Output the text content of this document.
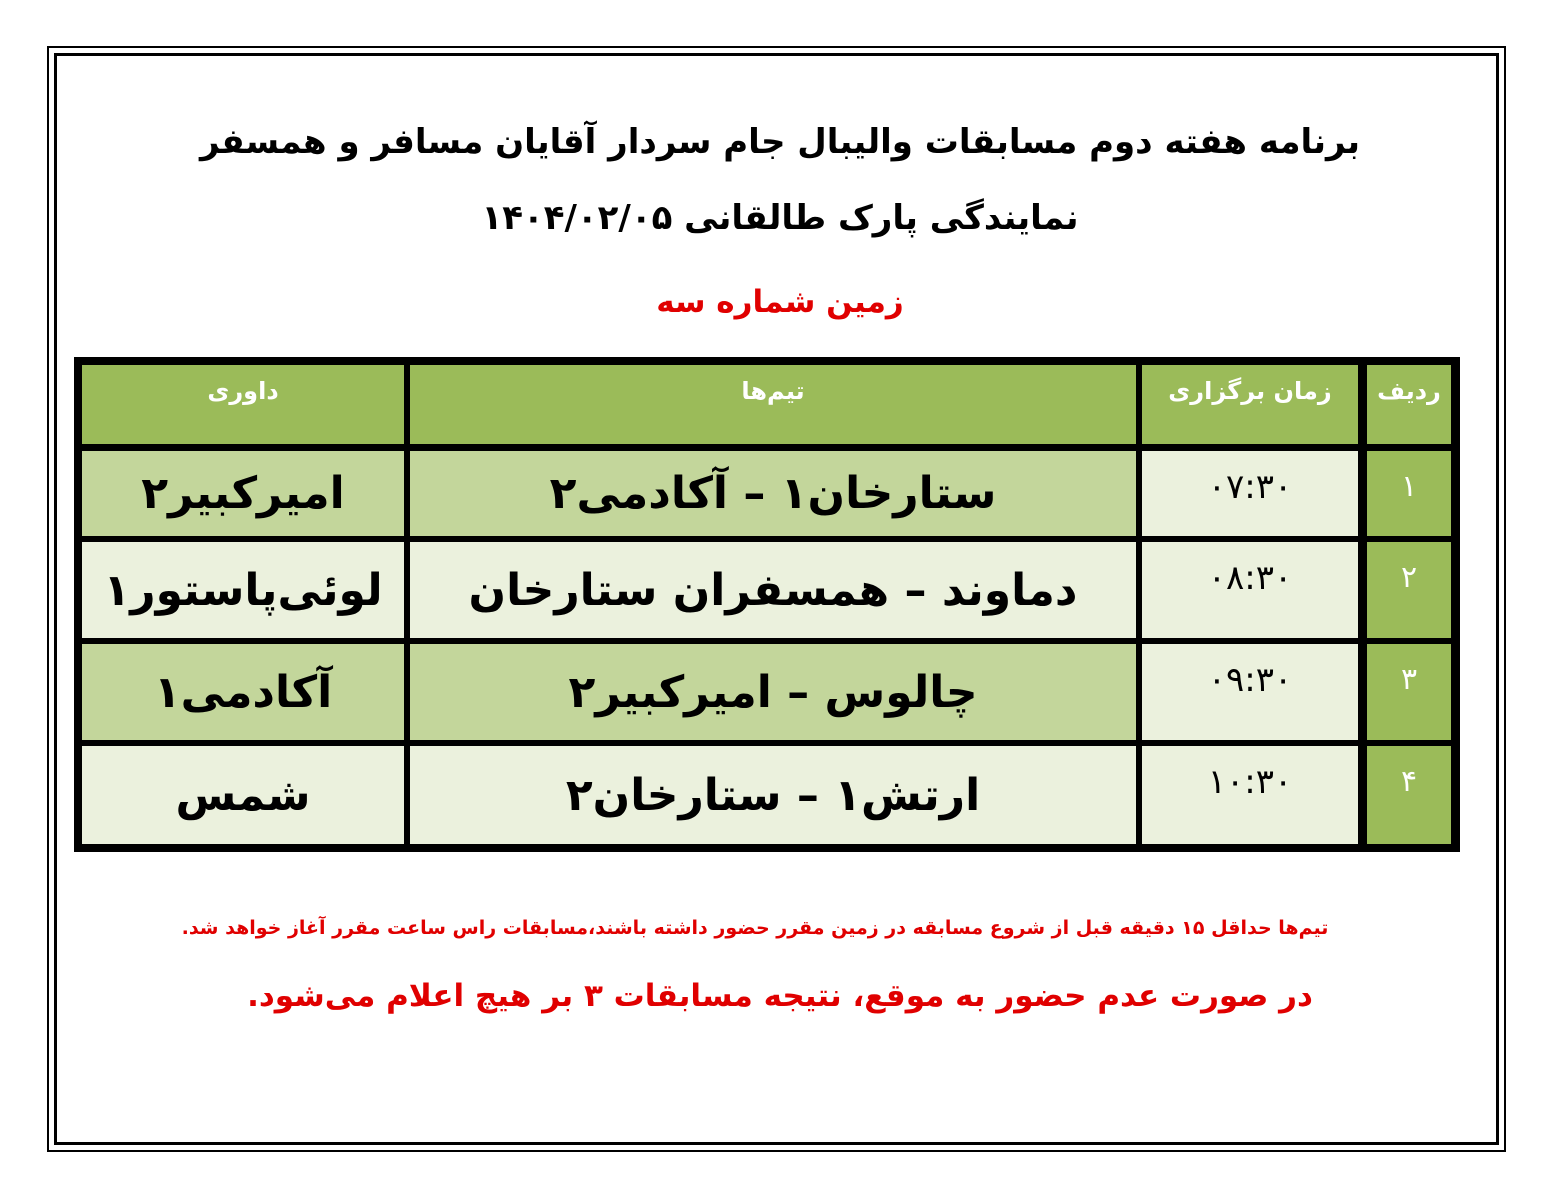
برنامه هفته دوم مسابقات والیبال جام سردار آقایان مسافر و همسفر
نمایندگی پارک طالقانی ۱۴۰۴/۰۲/۰۵
زمین شماره سه
ردیف
زمان برگزاری
تیم‌ها
داوری
۱
۰۷:۳۰
ستارخان۱ – آکادمی۲
امیرکبیر۲
۲
۰۸:۳۰
دماوند – همسفران ستارخان
لوئی‌پاستور۱
۳
۰۹:۳۰
چالوس – امیرکبیر۲
آکادمی۱
۴
۱۰:۳۰
ارتش۱ – ستارخان۲
شمس
تیم‌ها حداقل ۱۵ دقیقه قبل از شروع مسابقه در زمین مقرر حضور داشته باشند،مسابقات راس ساعت مقرر آغاز خواهد شد.
در صورت عدم حضور به موقع، نتیجه مسابقات ۳ بر هیچ اعلام می‌شود.
